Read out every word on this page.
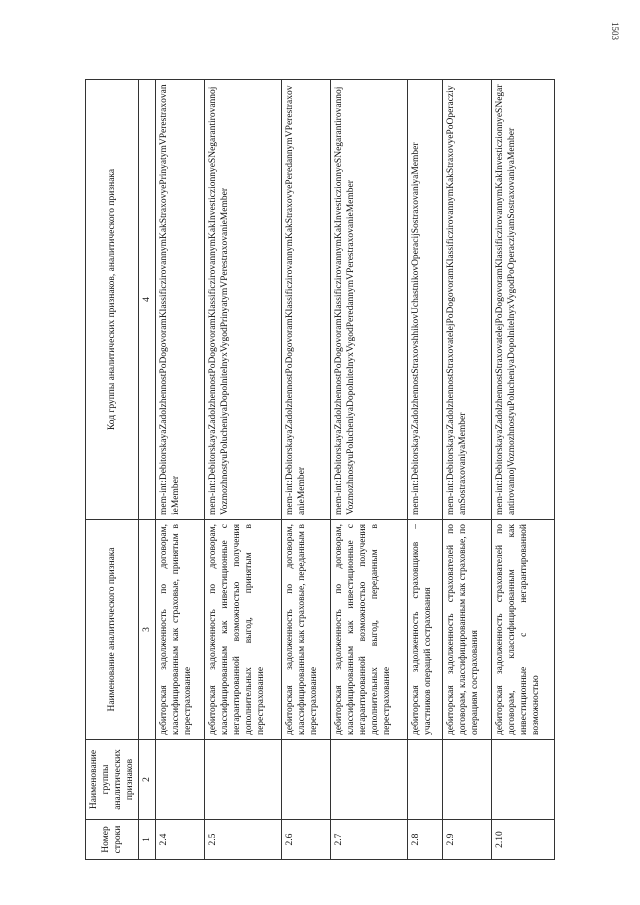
1503
Номер строки	Наименование группы аналитических признаков	Наименование аналитического признака	Код группы аналитических признаков, аналитического признака
1	2	3	4
2.4		дебиторская задолженность по договорам, классифицированным как страховые, принятым в перестрахование	mem-int:DebitorskayaZadolzhennostPoDogovoramKlassificzirovannymKakStraxovyePrinyatymVPerestraxovanieMember
2.5		дебиторская задолженность по договорам, классифицированным как инвестиционные с негарантированной возможностью получения дополнительных выгод, принятым в перестрахование	mem-int:DebitorskayaZadolzhennostPoDogovoramKlassificzirovannymKakInvesticzionnyeSNegarantirovannojVozmozhnostyuPolucheniyaDopolnitelnyxVygodPrinyatymVPerestraxovanieMember
2.6		дебиторская задолженность по договорам, классифицированным как страховые, переданным в перестрахование	mem-int:DebitorskayaZadolzhennostPoDogovoramKlassificzirovannymKakStraxovyePeredannymVPerestraxovanieMember
2.7		дебиторская задолженность по договорам, классифицированным как инвестиционные с негарантированной возможностью получения дополнительных выгод, переданным в перестрахование	mem-int:DebitorskayaZadolzhennostPoDogovoramKlassificzirovannymKakInvesticzionnyeSNegarantirovannojVozmozhnostyuPolucheniyaDopolnitelnyxVygodPeredannymVPerestraxovanieMember
2.8		дебиторская задолженность страховщиков – участников операций сострахования	mem-int:DebitorskayaZadolzhennostStraxovshhikovUchastnikovOperacijSostraxovaniyaMember
2.9		дебиторская задолженность страхователей по договорам, классифицированным как страховые, по операциям сострахования	mem-int:DebitorskayaZadolzhennostStraxovatelejPoDogovoramKlassificzirovannymKakStraxovyePoOperacziyamSostraxovaniyaMember
2.10		дебиторская задолженность страхователей по договорам, классифицированным как инвестиционные с негарантированной возможностью	mem-int:DebitorskayaZadolzhennostStraxovatelejPoDogovoramKlassificzirovannymKakInvesticzionnyeSNegarantirovannojVozmozhnostyuPolucheniyaDopolnitelnyxVygodPoOperacziyamSostraxovaniyaMember
